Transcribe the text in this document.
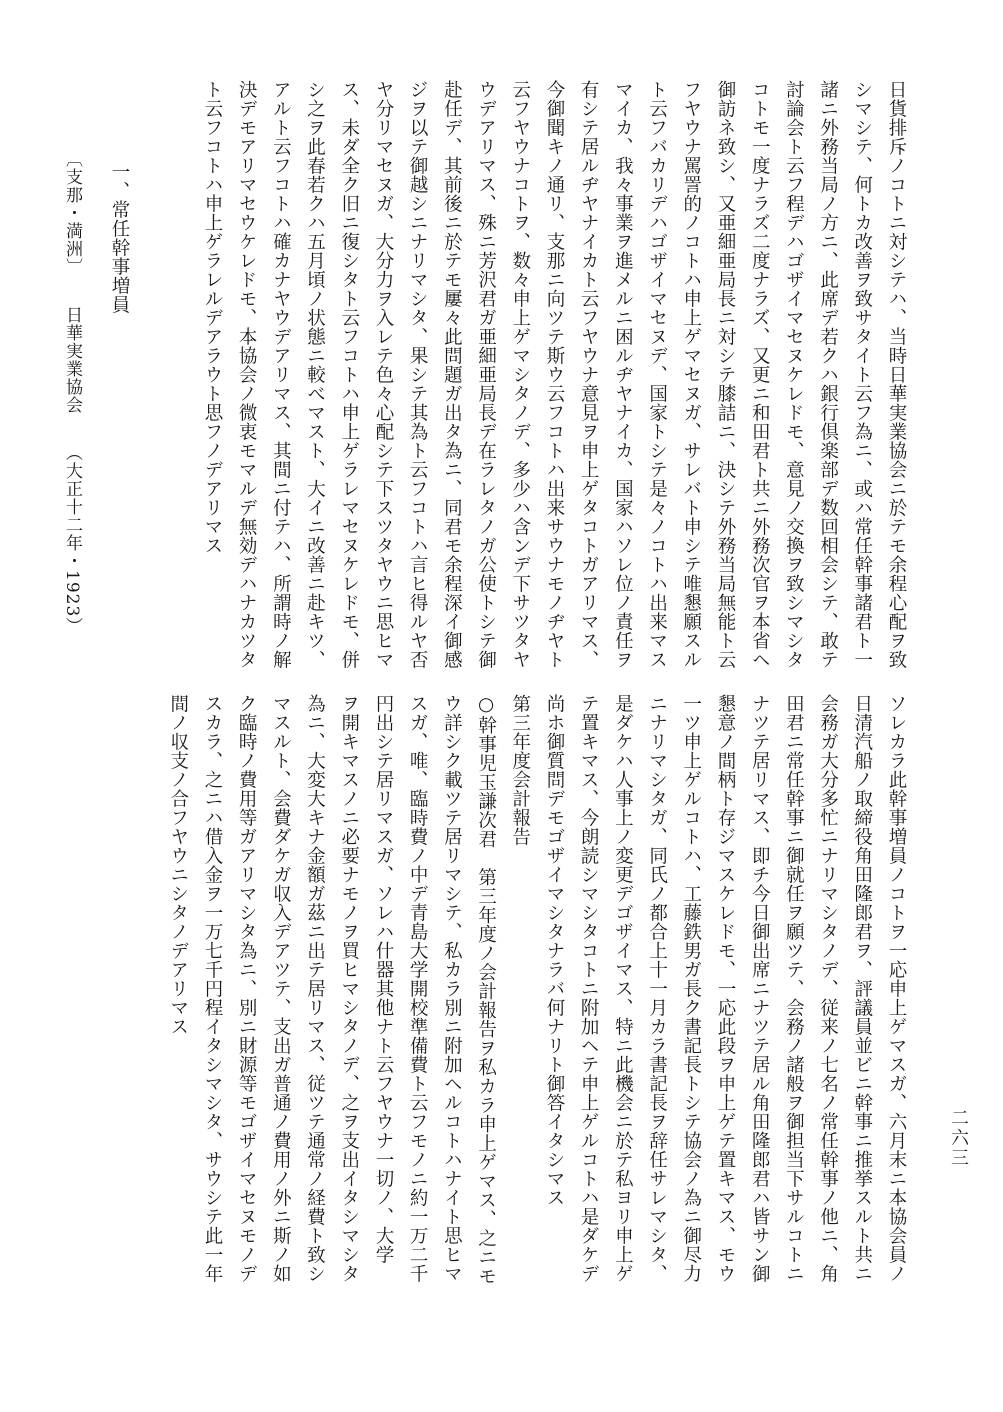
〔支那・満洲〕日華実業協会（大正十二年・1923）
一、常任幹事増員	日貨排斥ノコトニ対シテハ、当時日華実業協会ニ於テモ余程心配ヲ致

シマシテ、何トカ改善ヲ致サタイト云フ為ニ、或ハ常任幹事諸君ト一

諸ニ外務当局ノ方ニ、此席デ若クハ銀行倶楽部デ数回相会シテ、敢テ

討論会ト云フ程デハゴザイマセヌケレドモ、意見ノ交換ヲ致シマシタ

コトモ一度ナラズ二度ナラズ、又更ニ和田君ト共ニ外務次官ヲ本省ヘ

御訪ネ致シ、又亜細亜局長ニ対シテ膝詰ニ、決シテ外務当局無能ト云

フヤウナ罵詈的ノコトハ申上ゲマセヌガ、サレバト申シテ唯懇願スル

ト云フバカリデハゴザイマセヌデ、国家トシテ是々ノコトハ出来マス

マイカ、我々事業ヲ進メルニ困ルヂヤナイカ、国家ハソレ位ノ責任ヲ

有シテ居ルヂヤナイカト云フヤウナ意見ヲ申上ゲタコトガアリマス、

今御聞キノ通リ、支那ニ向ツテ斯ウ云フコトハ出来サウナモノヂヤト

云フヤウナコトヲ、数々申上ゲマシタノデ、多少ハ含ンデ下サツタヤ

ウデアリマス、殊ニ芳沢君ガ亜細亜局長デ在ラレタノガ公使トシテ御

赴任デ、其前後ニ於テモ屢々此問題ガ出タ為ニ、同君モ余程深イ御感

ジヲ以テ御越シニナリマシタ、果シテ其為ト云フコトハ言ヒ得ルヤ否

ヤ分リマセヌガ、大分力ヲ入レテ色々心配シテ下スツタヤウニ思ヒマ

ス、未ダ全ク旧ニ復シタト云フコトハ申上ゲラレマセヌケレドモ、併

シ之ヲ此春若クハ五月頃ノ状態ニ較べマスト、大イニ改善ニ赴キツ、

アルト云フコトハ確カナヤウデアリマス、其間ニ付テハ、所謂時ノ解

決デモアリマセウケレドモ、本協会ノ微衷モマルデ無効デハナカツタ

ト云フコトハ申上ゲラレルデアラウト思フノデアリマス

ソレカラ此幹事増員ノコトヲ一応申上ゲマスガ、六月末ニ本協会員ノ

日清汽船ノ取締役角田隆郎君ヲ、評議員並ビニ幹事ニ推挙スルト共ニ

会務ガ大分多忙ニナリマシタノデ、従来ノ七名ノ常任幹事ノ他ニ、角

田君ニ常任幹事ニ御就任ヲ願ツテ、会務ノ諸般ヲ御担当下サルコトニ

ナツテ居リマス、即チ今日御出席ニナツテ居ル角田隆郎君ハ皆サン御

懇意ノ間柄ト存ジマスケレドモ、一応此段ヲ申上ゲテ置キマス、モウ

一ツ申上ゲルコトハ、工藤鉄男ガ長ク書記長トシテ協会ノ為ニ御尽力

ニナリマシタガ、同氏ノ都合上十一月カラ書記長ヲ辞任サレマシタ、

是ダケハ人事上ノ変更デゴザイマス、特ニ此機会ニ於テ私ヨリ申上ゲ

テ置キマス、今朗読シマシタコトニ附加ヘテ申上ゲルコトハ是ダケデ

尚ホ御質問デモゴザイマシタナラバ何ナリト御答イタシマス

第三年度会計報告

○幹事児玉謙次君　第三年度ノ会計報告ヲ私カラ申上ゲマス、之ニモ

ウ詳シク載ツテ居リマシテ、私カラ別ニ附加ヘルコトハナイト思ヒマ

スガ、唯、臨時費ノ中デ青島大学開校準備費ト云フモノニ約一万二千

円出シテ居リマスガ、ソレハ什器其他ナト云フヤウナ一切ノ、大学

ヲ開キマスノニ必要ナモノヲ買ヒマシタノデ、之ヲ支出イタシマシタ

為ニ、大変大キナ金額ガ茲ニ出テ居リマス、従ツテ通常ノ経費ト致シ

マスルト、会費ダケガ収入デアツテ、支出ガ普通ノ費用ノ外ニ斯ノ如

ク臨時ノ費用等ガアリマシタ為ニ、別ニ財源等モゴザイマセヌモノデ

スカラ、之ニハ借入金ヲ一万七千円程イタシマシタ、サウシテ此一年

間ノ収支ノ合フヤウニシタノデアリマス

二六三
